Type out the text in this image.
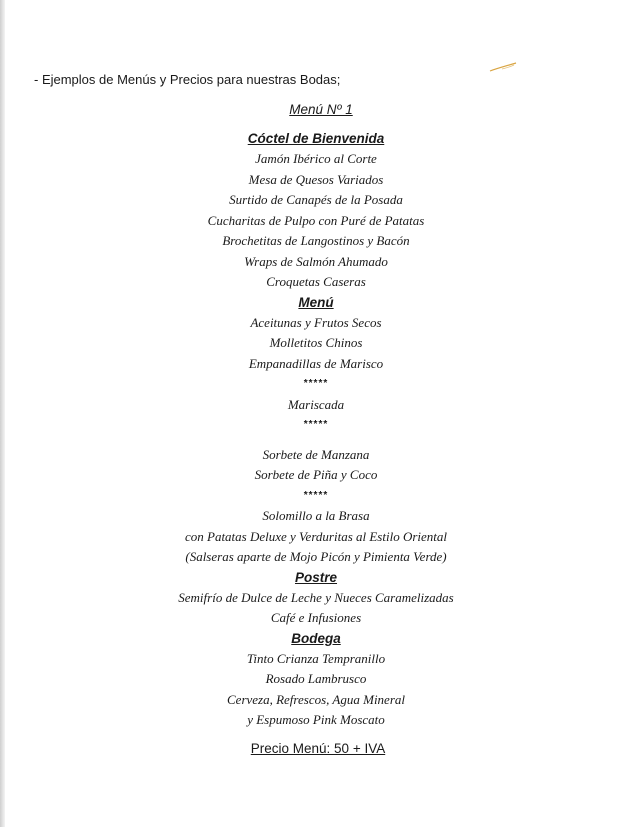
- Ejemplos de Menús y Precios para nuestras Bodas;
Menú Nº 1
Cóctel de Bienvenida
Jamón Ibérico al Corte
Mesa de Quesos Variados
Surtido de Canapés de la Posada
Cucharitas de Pulpo con Puré de Patatas
Brochetitas de Langostinos y Bacón
Wraps de Salmón Ahumado
Croquetas Caseras
Menú
Aceitunas y Frutos Secos
Molletitos Chinos
Empanadillas de Marisco
*****
Mariscada
*****
Sorbete de Manzana
Sorbete de Piña y Coco
*****
Solomillo a la Brasa
con Patatas Deluxe y Verduritas al Estilo Oriental
(Salseras aparte de Mojo Picón y Pimienta Verde)
Postre
Semifrío de Dulce de Leche y Nueces Caramelizadas
Café e Infusiones
Bodega
Tinto Crianza Tempranillo
Rosado Lambrusco
Cerveza, Refrescos, Agua Mineral
y Espumoso Pink Moscato
Precio Menú: 50 + IVA
